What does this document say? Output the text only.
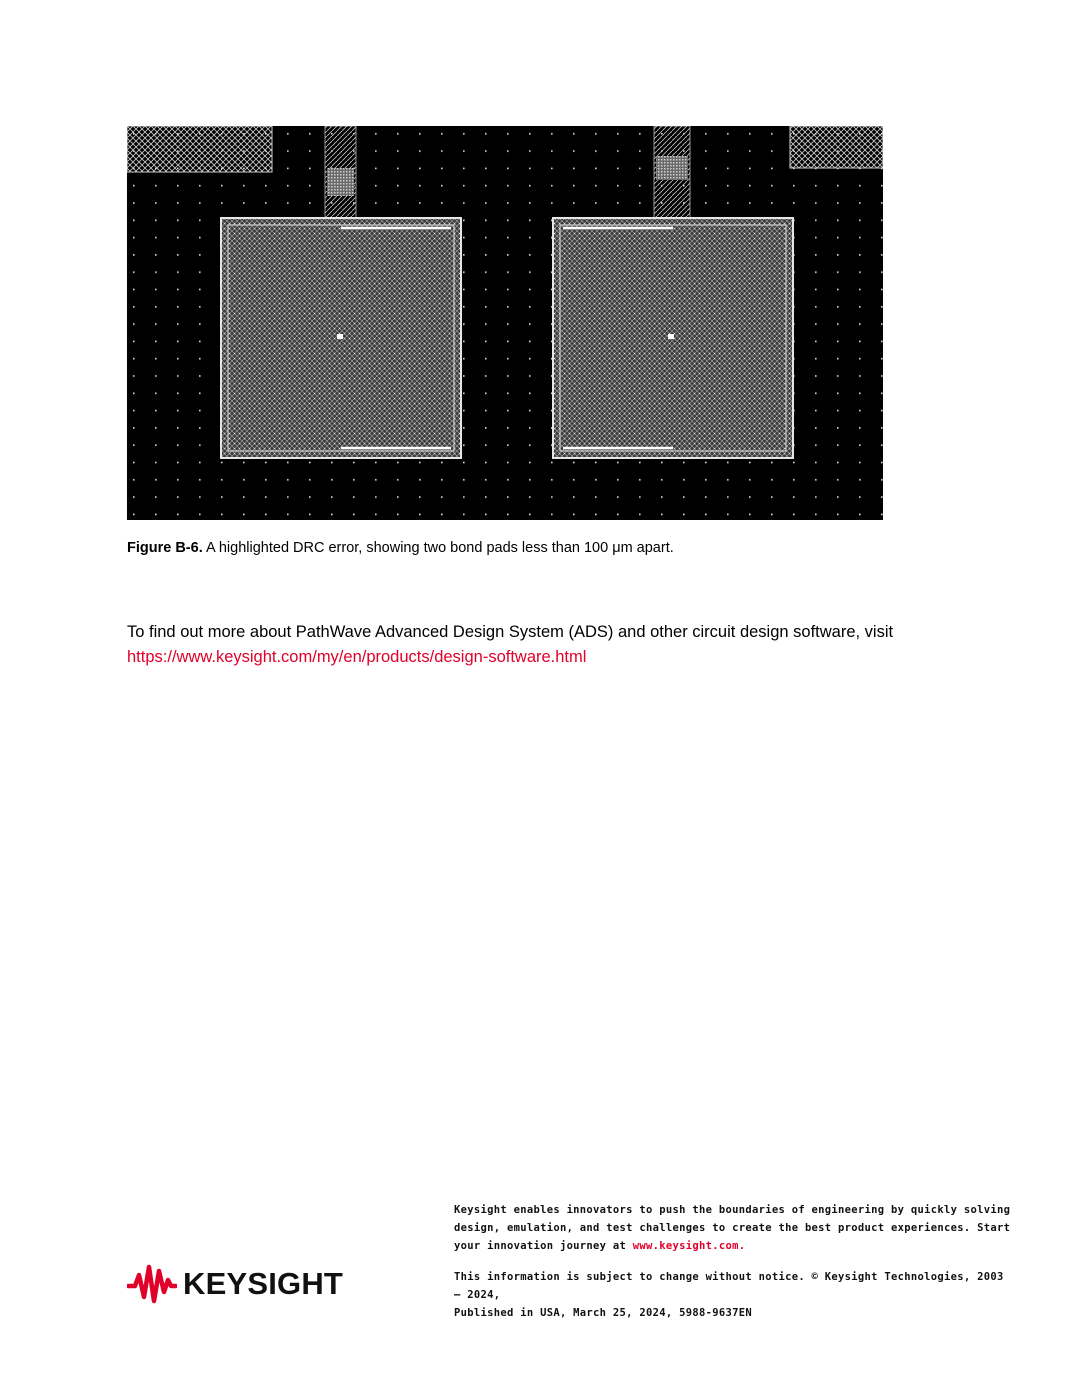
Figure B-6. A highlighted DRC error, showing two bond pads less than 100 μm apart.
To find out more about PathWave Advanced Design System (ADS) and other circuit design software, visit
https://www.keysight.com/my/en/products/design-software.html
KEYSIGHT
Keysight enables innovators to push the boundaries of engineering by quickly solving design, emulation, and test challenges to create the best product experiences. Start your innovation journey at www.keysight.com.
This information is subject to change without notice. © Keysight Technologies, 2003 – 2024,
Published in USA, March 25, 2024, 5988-9637EN
